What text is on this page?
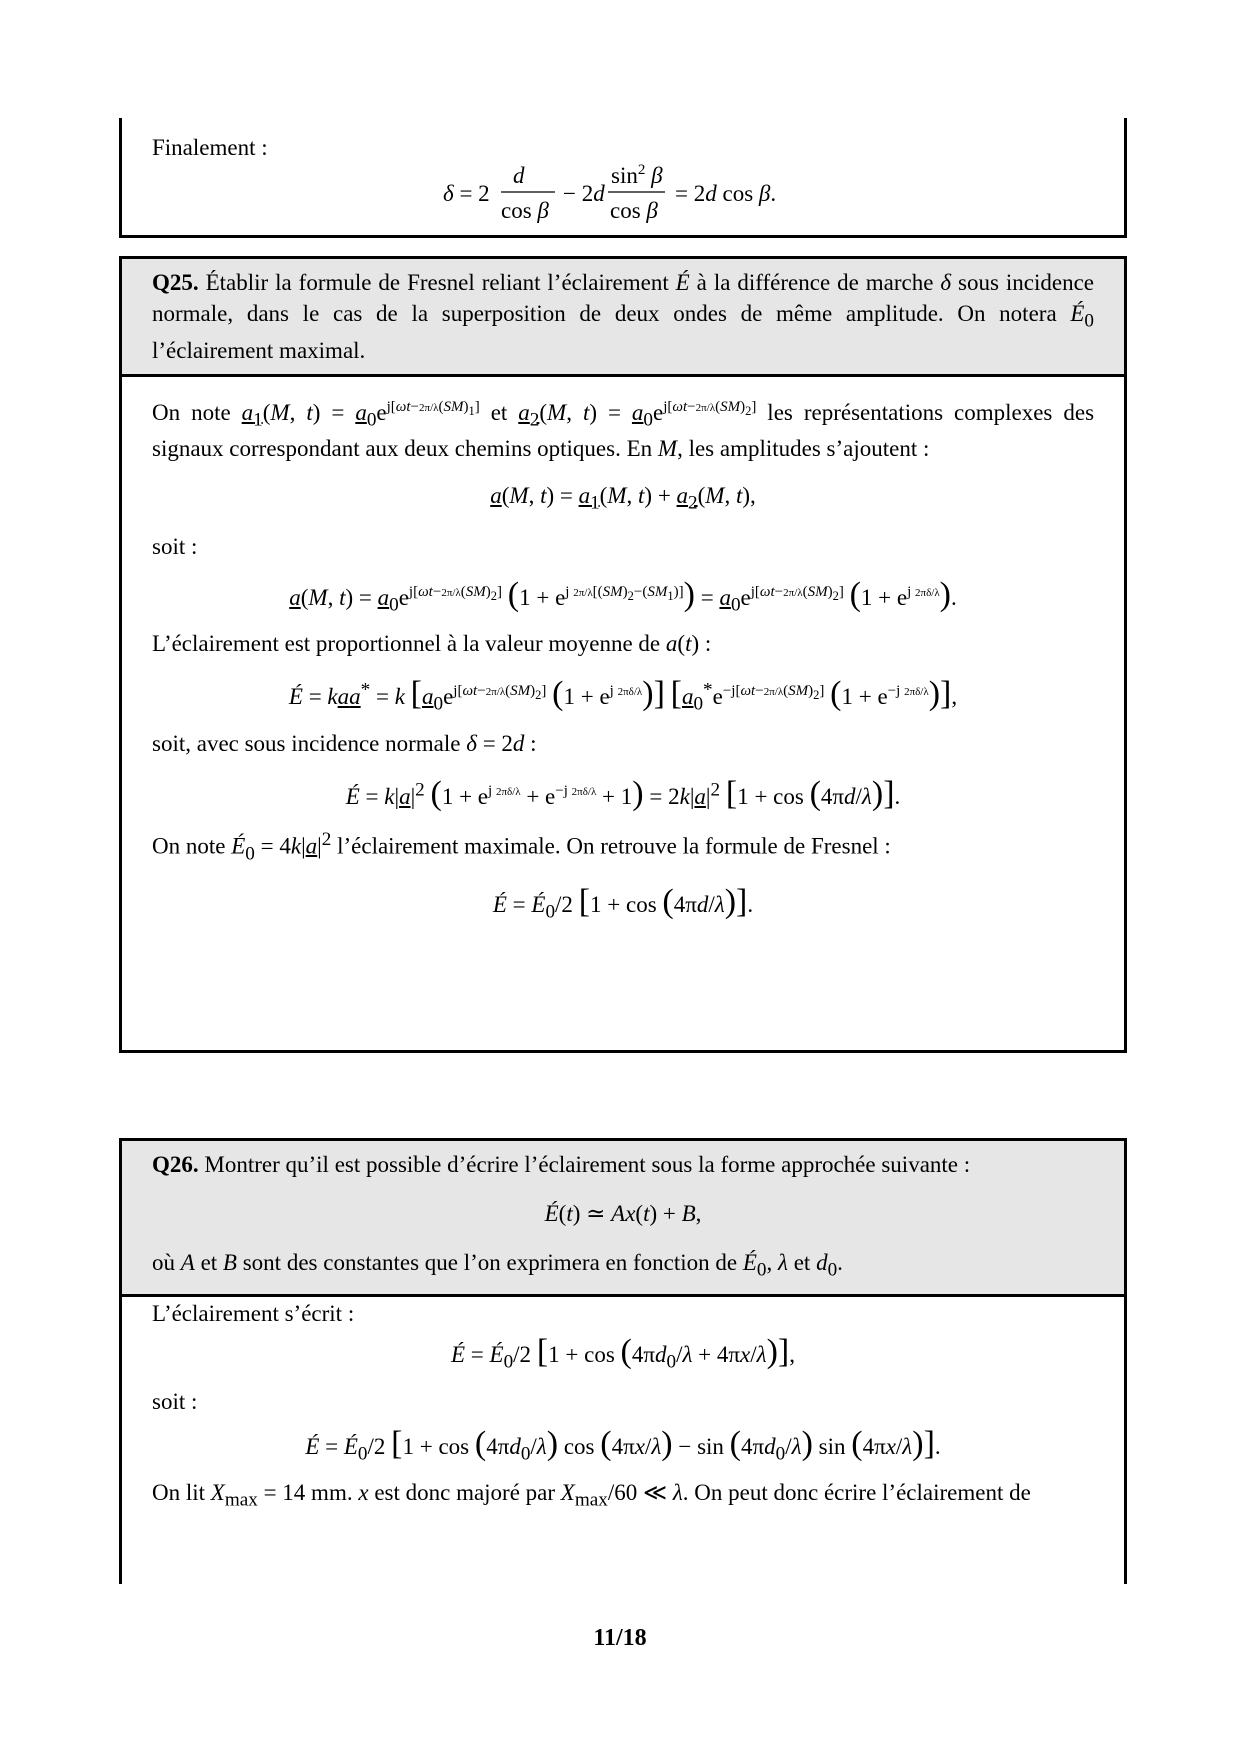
Finalement :

δ = 2
d
cos β
− 2d
$\sin^2 \beta$
cos β
= 2d cos β.
Q25. Établir la formule de Fresnel reliant l’éclairement É à la différence de marche δ sous incidence normale, dans le cas de la superposition de deux ondes de même amplitude. On notera $É_0$ l’éclairement maximal.

On note $a_1(M$, $t) = a_0e^{j[\omega t-2\pi/\lambda(SM)_1]}$ et $a_2(M$, $t) = a_0e^{j[\omega t-2\pi/\lambda(SM)_2]}$ les représentations complexes des signaux correspondant aux deux chemins optiques. En M, les amplitudes s’ajoutent :

a(M, $t) = a_1(M$, $t) + a_2(M$, t),

soit :

a(M, $t) = a_0e^{j[\omega t-2\pi/\lambda(SM)_2]}$ $(1 + e^{j 2\pi/\lambda[(SM)_2-(SM_1)]}) = a_0e^{j[\omega t-2\pi/\lambda(SM)_2]}$ $(1 + e^{j 2\pi\delta/\lambda})$.

L’éclairement est proportionnel à la valeur moyenne de a(t) :

É = kaa* = k [$a_0e^{j[\omega t-2\pi/\lambda(SM)_2]}$ $(1 + e^{j 2\pi\delta/\lambda})$] [$a_0^*e^{-j[\omega t-2\pi/\lambda(SM)_2]}$ $(1 + e^{-j 2\pi\delta/\lambda})$],

soit, avec sous incidence normale δ = 2d :

É = $k|a|^2$ $(1 + e^{j 2\pi\delta/\lambda} + e^{-j 2\pi\delta/\lambda} + 1) = 2k|a|^2$ [1 + cos (4πd/λ)].

On note $É_0 = 4k|a|^2$ l’éclairement maximale. On retrouve la formule de Fresnel :

É = $É_0/2$ [1 + cos (4πd/λ)].
Q26. Montrer qu’il est possible d’écrire l’éclairement sous la forme approchée suivante :
É(t) ≃ Ax(t) + B,
où A et B sont des constantes que l’on exprimera en fonction de $É_0$, λ et $d_0$.

L’éclairement s’écrit :

É = $É_0/2$ $[1 + \cos (4\pi d_0/\lambda + 4\pi x/\lambda)]$,

soit :

É = $É_0/2$ [$1 + \cos (4\pi d_0/\lambda)$ $\cos (4\pi x/\lambda) - \sin (4\pi d_0/\lambda)$ sin (4πx/λ)].

On lit $X_{max} = 14$ mm. x est donc majoré par $X_{max}/60$ ≪ λ. On peut donc écrire l’éclairement de

11/18
